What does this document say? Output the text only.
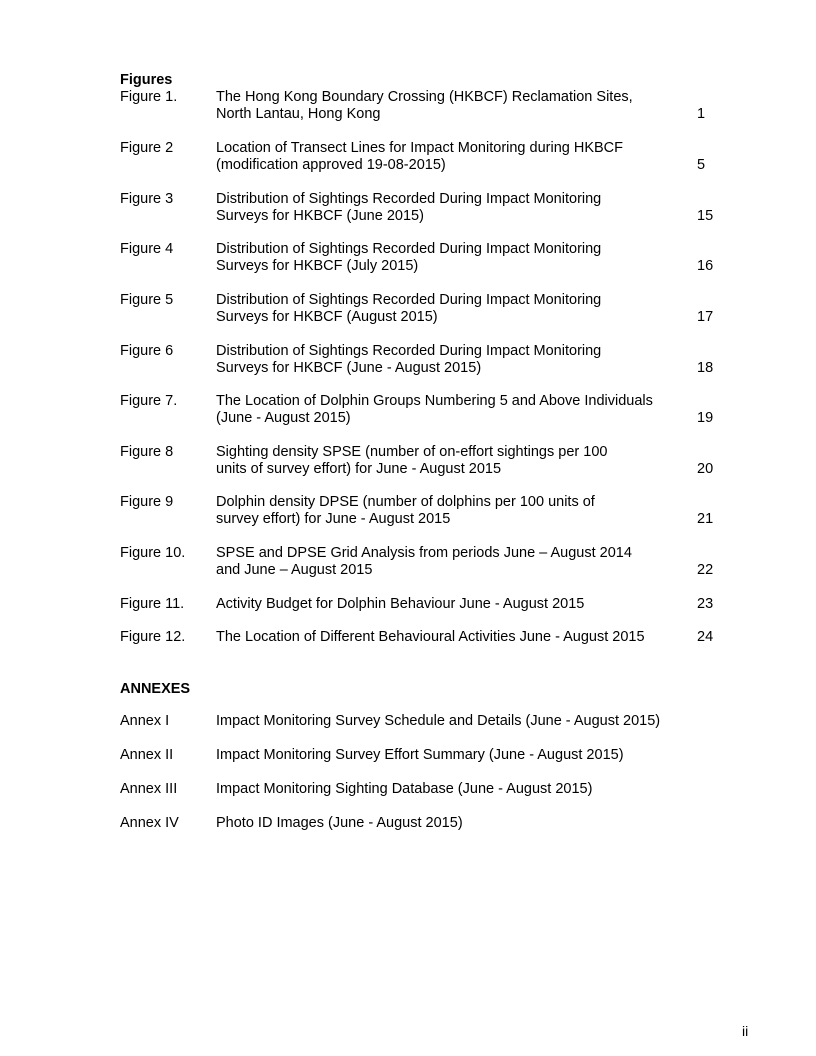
Figures
Figure 1.	The Hong Kong Boundary Crossing (HKBCF) Reclamation Sites,
North Lantau, Hong Kong	1
Figure 2	Location of Transect Lines for Impact Monitoring during HKBCF
(modification approved 19-08-2015)	5
Figure 3	Distribution of Sightings Recorded During Impact Monitoring
Surveys for HKBCF (June 2015)	15
Figure 4	Distribution of Sightings Recorded During Impact Monitoring
Surveys for HKBCF (July 2015)	16
Figure 5	Distribution of Sightings Recorded During Impact Monitoring
Surveys for HKBCF (August 2015)	17
Figure 6	Distribution of Sightings Recorded During Impact Monitoring
Surveys for HKBCF (June - August 2015)	18
Figure 7.	The Location of Dolphin Groups Numbering 5 and Above Individuals
(June - August 2015)	19
Figure 8	Sighting density SPSE (number of on-effort sightings per 100
units of survey effort) for June - August 2015	20
Figure 9	Dolphin density DPSE (number of dolphins per 100 units of
survey effort) for June - August 2015	21
Figure 10.	SPSE and DPSE Grid Analysis from periods June – August 2014
and June – August 2015	22
Figure 11.	Activity Budget for Dolphin Behaviour June - August 2015	23
Figure 12.	The Location of Different Behavioural Activities June - August 2015	24
ANNEXES
Annex I	Impact Monitoring Survey Schedule and Details (June - August 2015)
Annex II	Impact Monitoring Survey Effort Summary (June - August 2015)
Annex III	Impact Monitoring Sighting Database (June - August 2015)
Annex IV	Photo ID Images (June - August 2015)
ii
